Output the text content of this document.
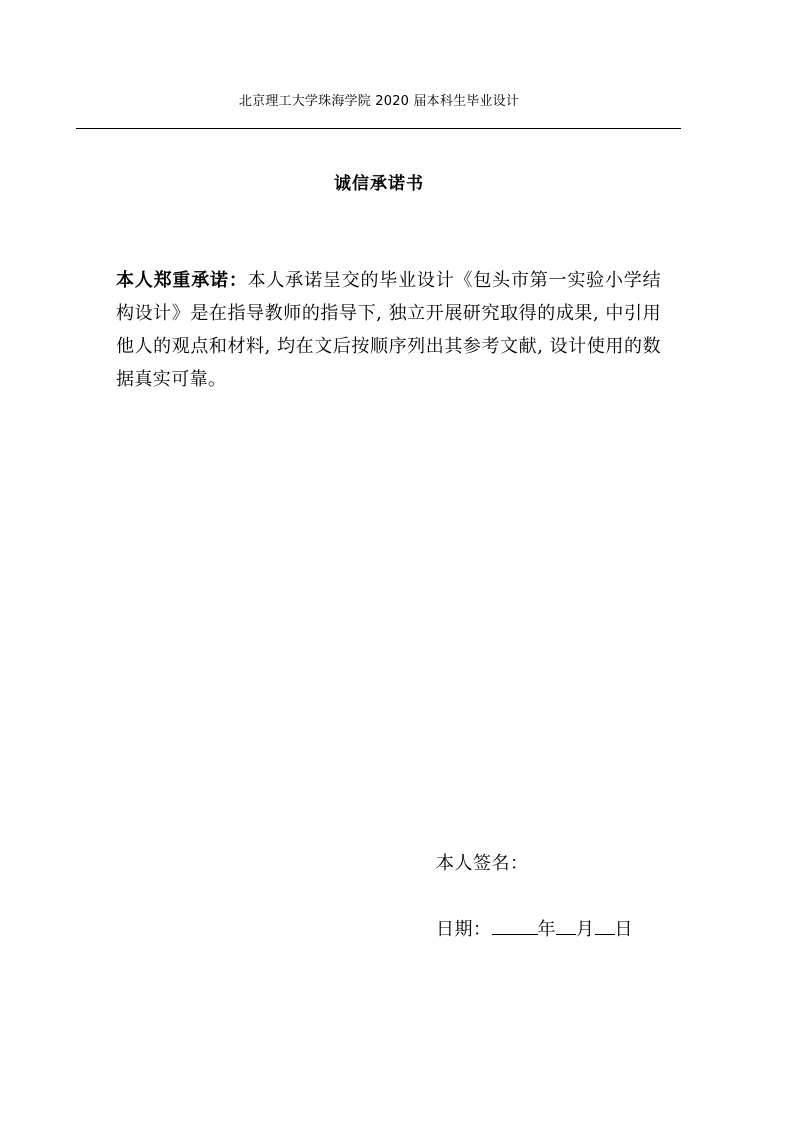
北京理工大学珠海学院 2020 届本科生毕业设计
诚信承诺书

本人郑重承诺：本人承诺呈交的毕业设计《包头市第一实验小学结构设计》是在指导教师的指导下, 独立开展研究取得的成果, 中引用他人的观点和材料, 均在文后按顺序列出其参考文献, 设计使用的数据真实可靠。

本人签名：
日期：	年 月 日
